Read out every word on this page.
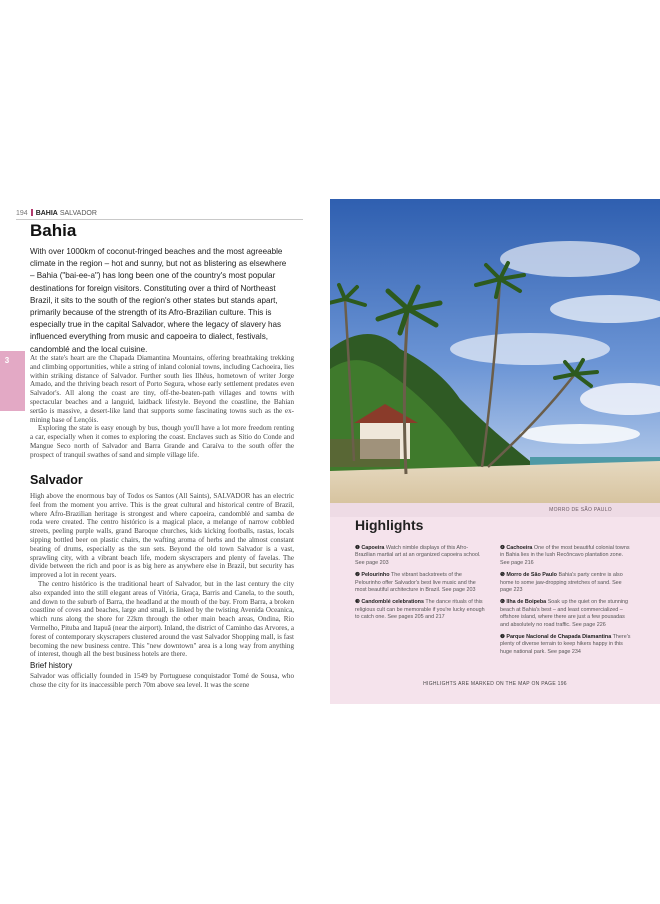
194 BAHIA SALVADOR
Bahia
With over 1000km of coconut-fringed beaches and the most agreeable climate in the region – hot and sunny, but not as blistering as elsewhere – Bahia ("bai-ee-a") has long been one of the country's most popular destinations for foreign visitors. Constituting over a third of Northeast Brazil, it sits to the south of the region's other states but stands apart, primarily because of the strength of its Afro-Brazilian culture. This is especially true in the capital Salvador, where the legacy of slavery has influenced everything from music and capoeira to dialect, festivals, candomblé and the local cuisine.
3	At the state's heart are the Chapada Diamantina Mountains, offering breathtaking trekking and climbing opportunities, while a string of inland colonial towns, including Cachoeira, lies within striking distance of Salvador. Further south lies Ilhéus, hometown of writer Jorge Amado, and the thriving beach resort of Porto Segura, whose early settlement predates even Salvador's. All along the coast are tiny, off-the-beaten-path villages and towns with spectacular beaches and a languid, laidback lifestyle. Beyond the coastline, the Bahian sertão is massive, a desert-like land that supports some fascinating towns such as the ex-mining base of Lençóis.

Exploring the state is easy enough by bus, though you'll have a lot more freedom renting a car, especially when it comes to exploring the coast. Enclaves such as Sítio do Conde and Mangue Seco north of Salvador and Barra Grande and Caraíva to the south offer the prospect of tranquil swathes of sand and simple village life.

Salvador

High above the enormous bay of Todos os Santos (All Saints), SALVADOR has an electric feel from the moment you arrive. This is the great cultural and historical centre of Brazil, where Afro-Brazilian heritage is strongest and where capoeira, candomblé and samba de roda were created. The centro histórico is a magical place, a melange of narrow cobbled streets, peeling purple walls, grand Baroque churches, kids kicking footballs, rastas, locals sipping bottled beer on plastic chairs, the wafting aroma of herbs and the almost constant beating of drums, especially as the sun sets. Beyond the old town Salvador is a vast, sprawling city, with a vibrant beach life, modern skyscrapers and plenty of favelas. The divide between the rich and poor is as big here as anywhere else in Brazil, but security has improved a lot in recent years.

The centro histórico is the traditional heart of Salvador, but in the last century the city also expanded into the still elegant areas of Vitória, Graça, Barris and Canela, to the south, and down to the suburb of Barra, the headland at the mouth of the bay. From Barra, a broken coastline of coves and beaches, large and small, is linked by the twisting Avenida Oceanica, which runs along the shore for 22km through the other main beach areas, Ondina, Rio Vermelho, Pituba and Itapuã (near the airport). Inland, the district of Caminho das Arvores, a forest of contemporary skyscrapers clustered around the vast Salvador Shopping mall, is fast becoming the new business centre. This "new downtown" area is a long way from anything of interest, though all the best business hotels are there.

Brief history

Salvador was officially founded in 1549 by Portuguese conquistador Tomé de Sousa, who chose the city for its inaccessible perch 70m above sea level. It was the scene

MORRO DE SÃO PAULO
Highlights
❶ Capoeira Watch nimble displays of this Afro-Brazilian martial art at an organized capoeira school. See page 203
❷ Pelourinho The vibrant backstreets of the Pelourinho offer Salvador's best live music and the most beautiful architecture in Brazil. See page 203
❸ Candomblé celebrations The dance rituals of this religious cult can be memorable if you're lucky enough to catch one. See pages 205 and 217
❹ Cachoeira One of the most beautiful colonial towns in Bahia lies in the lush Recôncavo plantation zone. See page 216
❺ Morro de São Paulo Bahia's party centre is also home to some jaw-dropping stretches of sand. See page 223
❻ Ilha de Boipeba Soak up the quiet on the stunning beach at Bahia's best – and least commercialized – offshore island, where there are just a few pousadas and absolutely no road traffic. See page 226
❼ Parque Nacional de Chapada Diamantina There's plenty of diverse terrain to keep hikers happy in this huge national park. See page 234
HIGHLIGHTS ARE MARKED ON THE MAP ON PAGE 196
